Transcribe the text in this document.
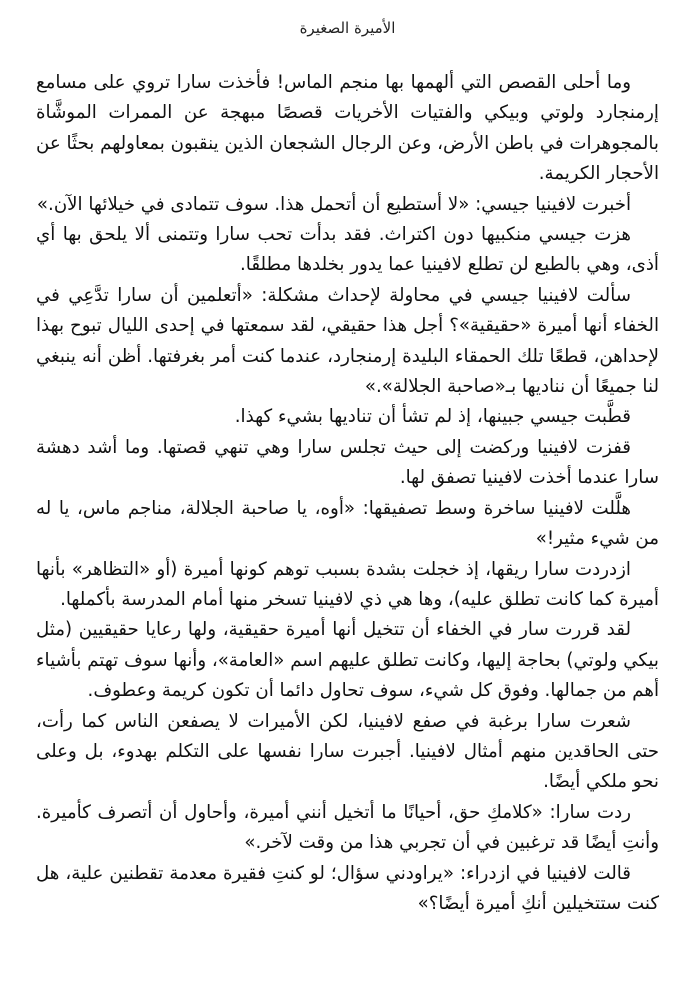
الأميرة الصغيرة

وما أحلى القصص التي ألهمها بها منجم الماس! فأخذت سارا تروي على مسامع إرمنجارد ولوتي وبيكي والفتيات الأخريات قصصًا مبهجة عن الممرات الموشَّاة بالمجوهرات في باطن الأرض، وعن الرجال الشجعان الذين ينقبون بمعاولهم بحثًا عن الأحجار الكريمة.

أخبرت لافينيا جيسي: «لا أستطيع أن أتحمل هذا. سوف تتمادى في خيلائها الآن.»

هزت جيسي منكبيها دون اكتراث. فقد بدأت تحب سارا وتتمنى ألا يلحق بها أي أذى، وهي بالطبع لن تطلع لافينيا عما يدور بخلدها مطلقًا.

سألت لافينيا جيسي في محاولة لإحداث مشكلة: «أتعلمين أن سارا تدَّعِي في الخفاء أنها أميرة «حقيقية»؟ أجل هذا حقيقي، لقد سمعتها في إحدى الليال تبوح بهذا لإحداهن، قطعًا تلك الحمقاء البليدة إرمنجارد، عندما كنت أمر بغرفتها. أظن أنه ينبغي لنا جميعًا أن نناديها بـ«صاحبة الجلالة».»

قطَّبت جيسي جبينها، إذ لم تشأ أن تناديها بشيء كهذا.

قفزت لافينيا وركضت إلى حيث تجلس سارا وهي تنهي قصتها. وما أشد دهشة سارا عندما أخذت لافينيا تصفق لها.

هلَّلت لافينيا ساخرة وسط تصفيقها: «أوه، يا صاحبة الجلالة، مناجم ماس، يا له من شيء مثير!»

ازدردت سارا ريقها، إذ خجلت بشدة بسبب توهم كونها أميرة (أو «التظاهر» بأنها أميرة كما كانت تطلق عليه)، وها هي ذي لافينيا تسخر منها أمام المدرسة بأكملها.

لقد قررت سار في الخفاء أن تتخيل أنها أميرة حقيقية، ولها رعايا حقيقيين (مثل بيكي ولوتي) بحاجة إليها، وكانت تطلق عليهم اسم «العامة»، وأنها سوف تهتم بأشياء أهم من جمالها. وفوق كل شيء، سوف تحاول دائما أن تكون كريمة وعطوف.

شعرت سارا برغبة في صفع لافينيا، لكن الأميرات لا يصفعن الناس كما رأت، حتى الحاقدين منهم أمثال لافينيا. أجبرت سارا نفسها على التكلم بهدوء، بل وعلى نحو ملكي أيضًا.

ردت سارا: «كلامكِ حق، أحيانًا ما أتخيل أنني أميرة، وأحاول أن أتصرف كأميرة. وأنتِ أيضًا قد ترغبين في أن تجربي هذا من وقت لآخر.»

قالت لافينيا في ازدراء: «يراودني سؤال؛ لو كنتِ فقيرة معدمة تقطنين علية، هل كنت ستتخيلين أنكِ أميرة أيضًا؟»
